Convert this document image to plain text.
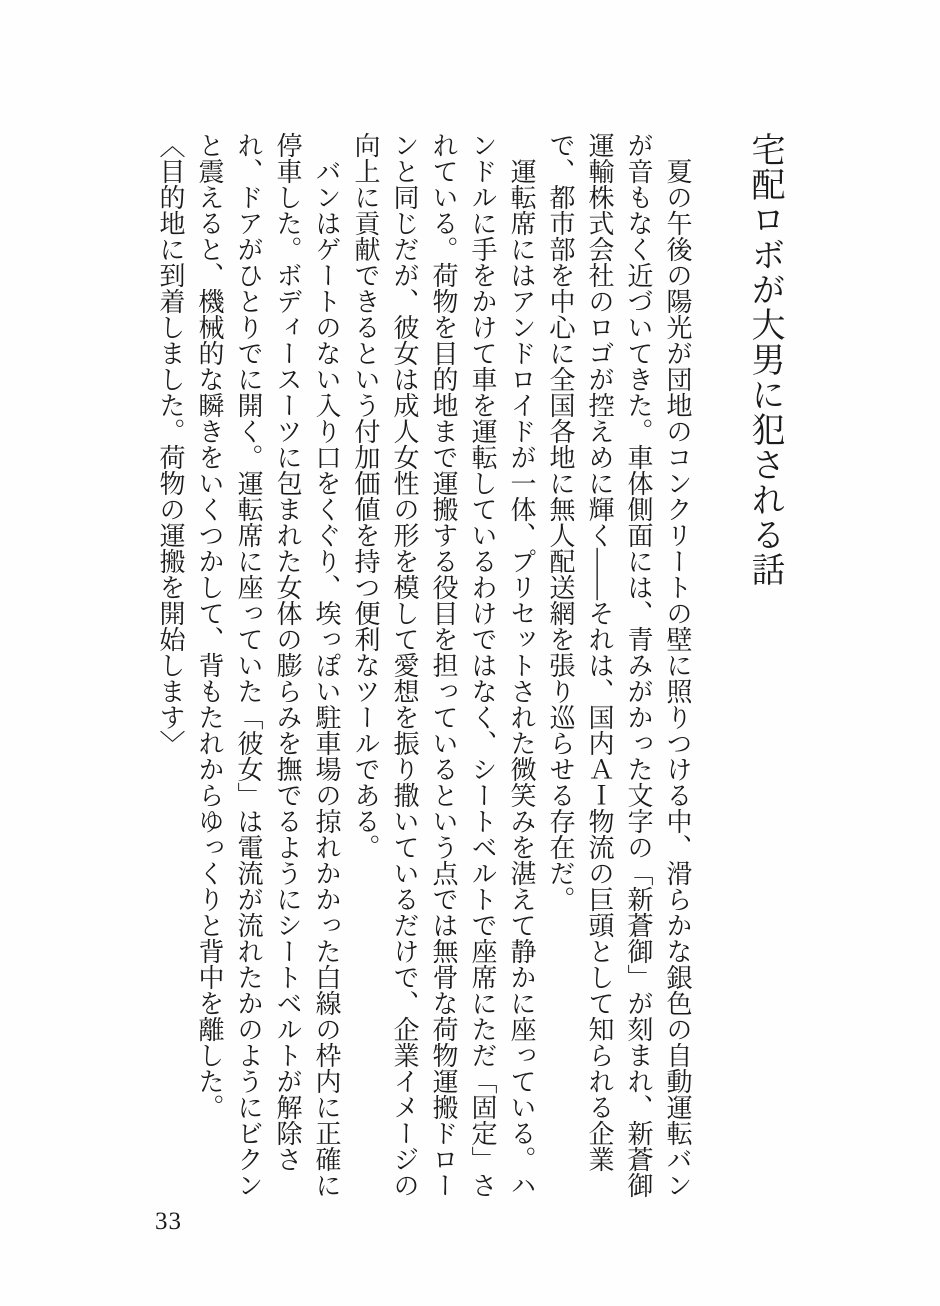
宅配ロボが大男に犯される話

夏の午後の陽光が団地のコンクリートの壁に照りつける中、滑らかな銀色の自動運転バンが音もなく近づいてきた。車体側面には、青みがかった文字の「新蒼御」が刻まれ、新蒼御運輸株式会社のロゴが控えめに輝く――それは、国内ＡＩ物流の巨頭として知られる企業で、都市部を中心に全国各地に無人配送網を張り巡らせる存在だ。

運転席にはアンドロイドが一体、プリセットされた微笑みを湛えて静かに座っている。ハンドルに手をかけて車を運転しているわけではなく、シートベルトで座席にただ「固定」されている。荷物を目的地まで運搬する役目を担っているという点では無骨な荷物運搬ドローンと同じだが、彼女は成人女性の形を模して愛想を振り撒いているだけで、企業イメージの向上に貢献できるという付加価値を持つ便利なツールである。

バンはゲートのない入り口をくぐり、埃っぽい駐車場の掠れかかった白線の枠内に正確に停車した。ボディースーツに包まれた女体の膨らみを撫でるようにシートベルトが解除され、ドアがひとりでに開く。運転席に座っていた「彼女」は電流が流れたかのようにビクンと震えると、機械的な瞬きをいくつかして、背もたれからゆっくりと背中を離した。

〈目的地に到着しました。荷物の運搬を開始します〉

33
